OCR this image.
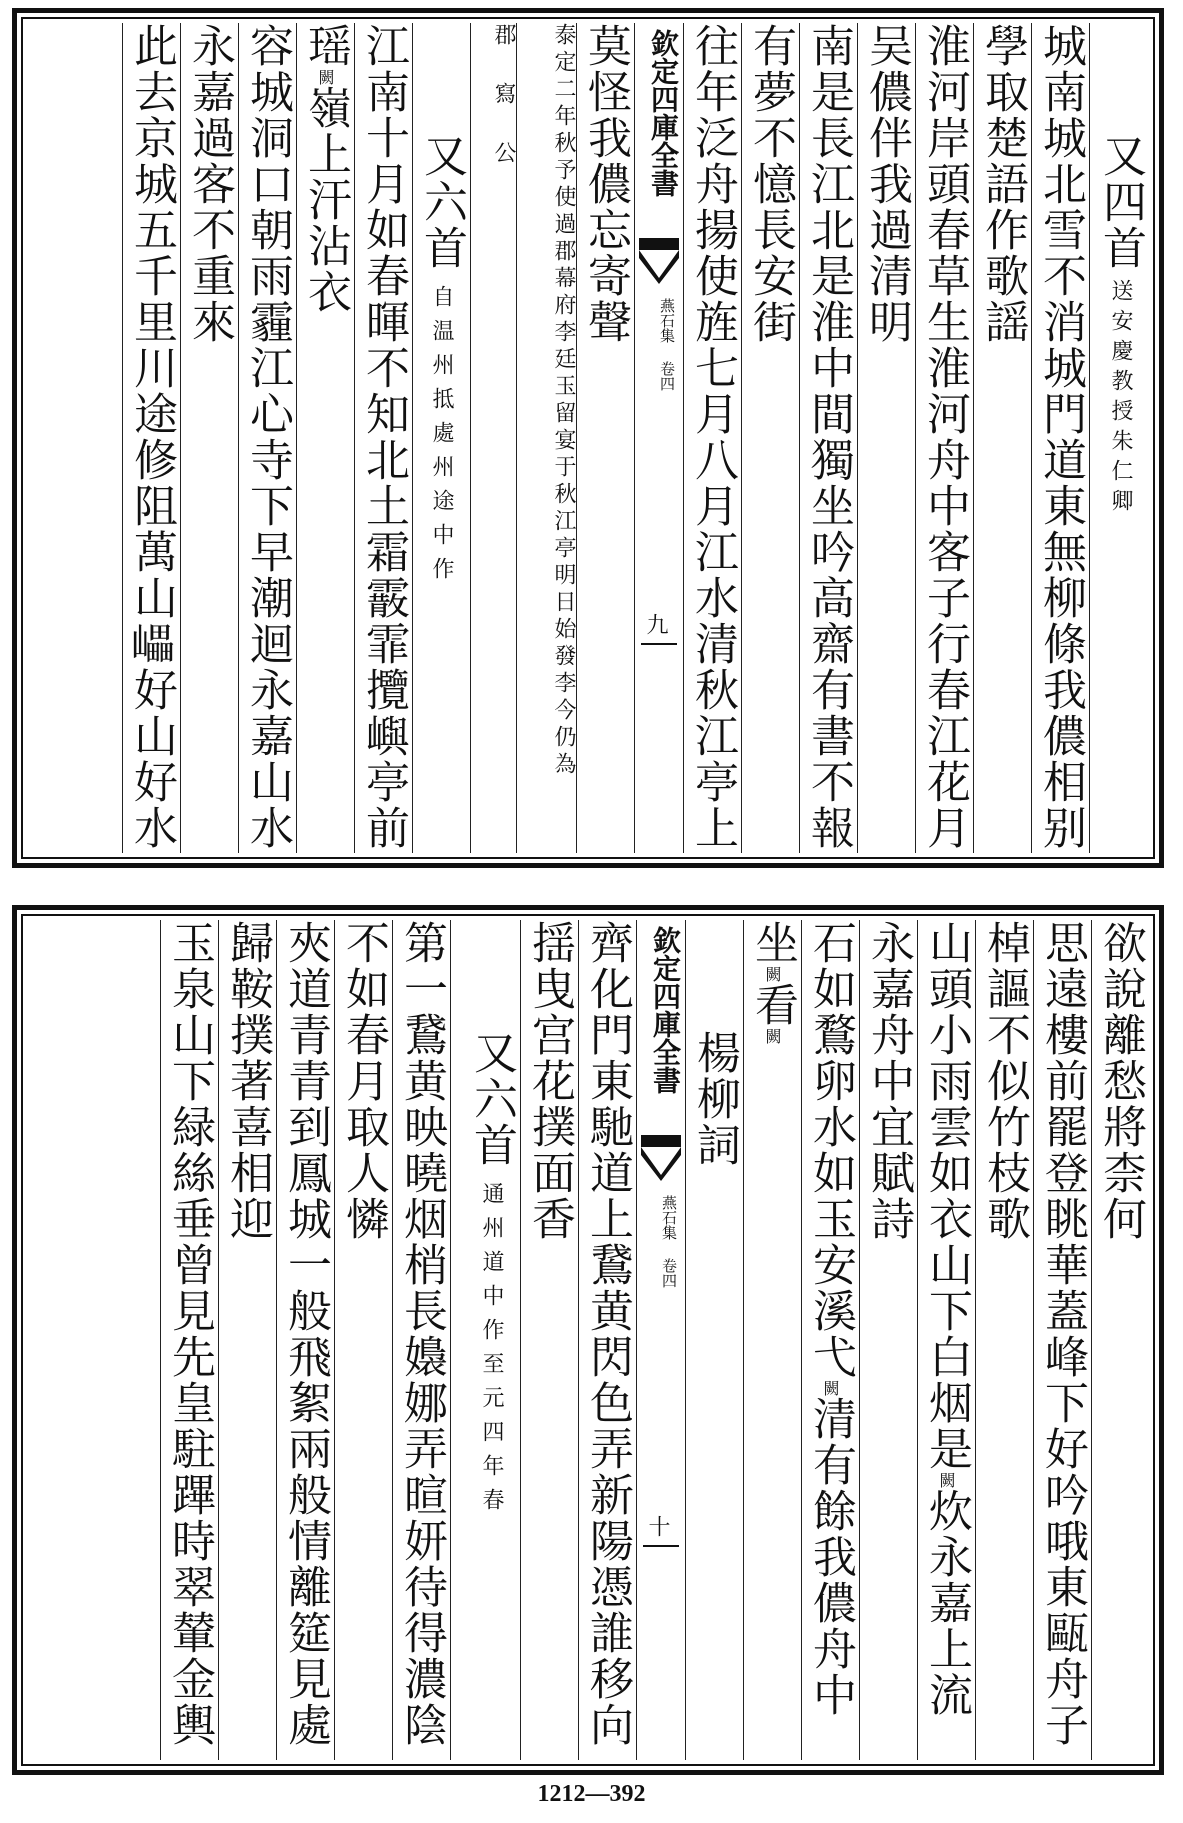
又四首送安慶教授朱仁卿
城南城北雪不消城門道東無柳條我儂相别
學取楚語作歌謡
淮河岸頭春草生淮河舟中客子行春江花月
吴儂伴我過清明
南是長江北是淮中間獨坐吟高齋有書不報
有夢不憶長安街
往年泛舟揚使旌七月八月江水清秋江亭上
欽定四庫全書
燕石集 卷四
九
莫怪我儂忘寄聲
泰定二年秋予使過郡幕府李廷玉留宴于秋江亭明日始發李今仍為
郡 寫 公
又六首自温州抵處州途中作
江南十月如春暉不知北土霜霰霏攬嶼亭前
瑶闕嶺上汗沾衣
容城洞口朝雨霾江心寺下早潮迴永嘉山水
永嘉過客不重來
此去京城五千里川途修阻萬山𡾊好山好水
欲說離愁將柰何
思遠樓前罷登眺華蓋峰下好吟哦東甌舟子
棹謳不似竹枝歌
山頭小雨雲如衣山下白烟是闕炊永嘉上流
永嘉舟中宜賦詩
石如鶩卵水如玉安溪弋闕清有餘我儂舟中
坐闕看闕
楊柳詞
欽定四庫全書
燕石集 卷四
十
齊化門東馳道上鵞黄閃色弄新陽憑誰移向
揺曳宫花撲面香
又六首通州道中作至元四年春
第一鵞黄映曉烟梢長嬝娜弄暄妍待得濃陰
不如春月取人憐
夾道青青到鳳城一般飛絮兩般情離筵見處
歸鞍撲著喜相迎
玉泉山下緑絲垂曾見先皇駐蹕時翠輦金輿
1212—392
